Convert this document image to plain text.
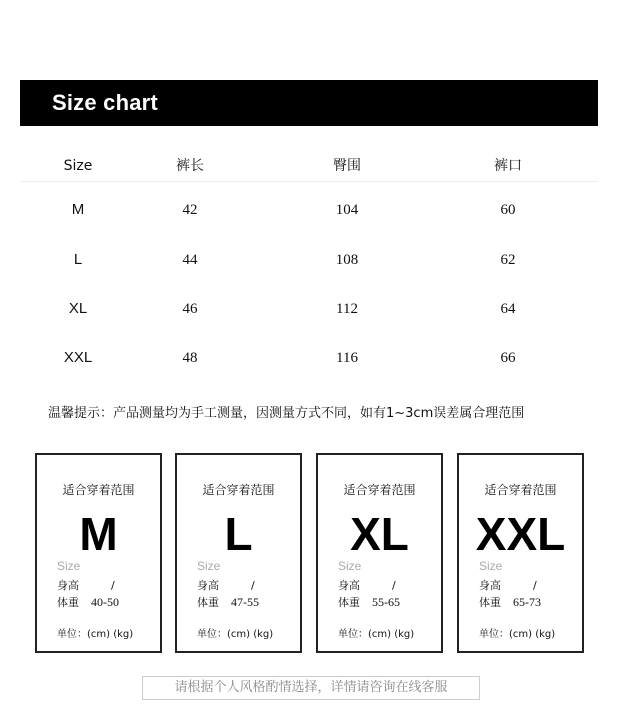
Size chart
Size	裤长	臀围	裤口
M	42	104	60
L	44	108	62
XL	46	112	64
XXL	48	116	66
温馨提示：产品测量均为手工测量，因测量方式不同，如有1~3cm误差属合理范围
适合穿着范围
M
Size
身高	/
体重 40-50
单位：(cm) (kg)
适合穿着范围
L
Size
身高	/
体重 47-55
单位：(cm) (kg)
适合穿着范围
XL
Size
身高	/
体重 55-65
单位：(cm) (kg)
适合穿着范围
XXL
Size
身高	/
体重 65-73
单位：(cm) (kg)
请根据个人风格酌情选择，详情请咨询在线客服
